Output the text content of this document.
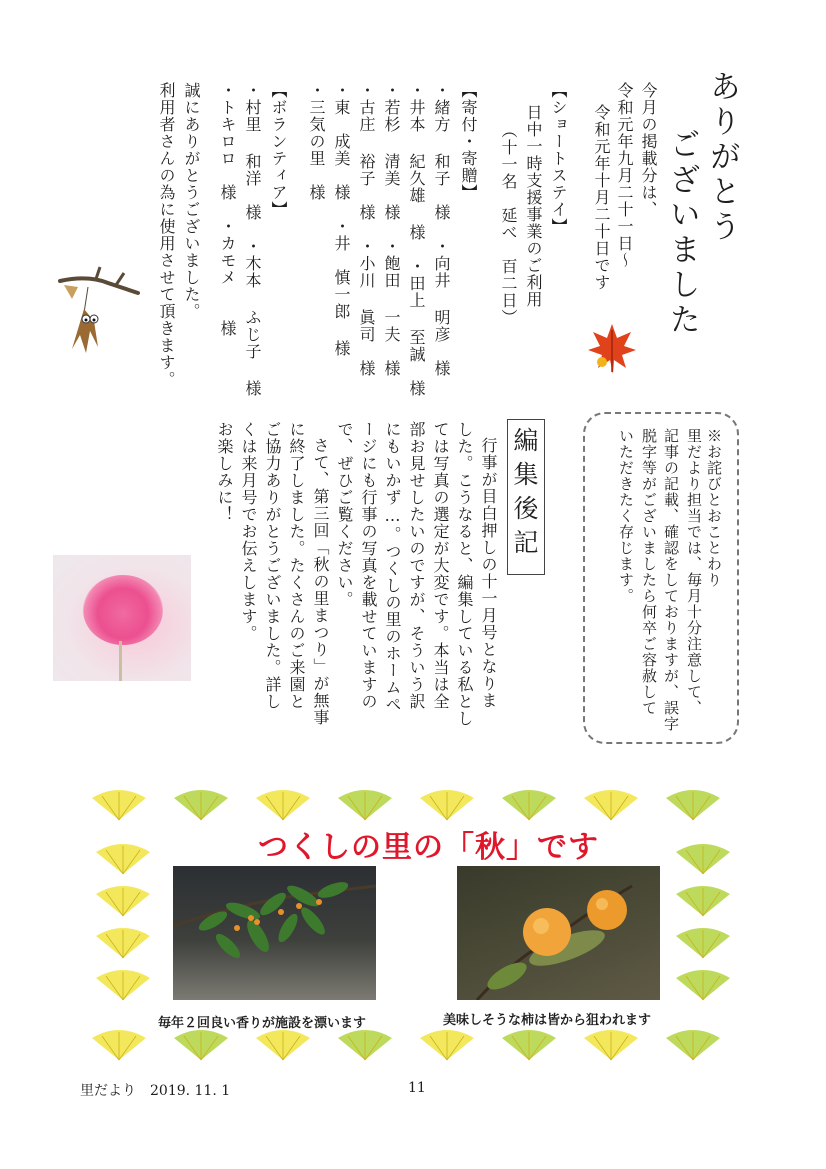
ありがとう
ございました
今月の掲載分は、
令和元年九月二十一日～
令和元年十月二十日です
【ショートステイ】
日中一時支援事業のご利用
（十一名　延べ　百二日）
【寄付・寄贈】
・緒方 和子　様　・向井 明彦　様
・井本 紀久雄 様　・田上 至誠　様
・若杉 清美　様　・飽田 一夫　様
・古庄 裕子　様　・小川 眞司　様
・東　成美　様　・井　慎一郎 様
・三気の里　様
【ボランティア】
・村里 和洋　様　・木本 ふじ子 様
・トキロロ　様　・カモメ　　様
誠にありがとうございました。
利用者さんの為に使用させて頂きます。
※お詫びとおことわり
里だより担当では、毎月十分注意して、
記事の記載、確認をしておりますが、誤字
脱字等がございましたら何卒ご容赦して
いただきたく存じます。
編集後記
行事が目白押しの十一月号となりま
した。こうなると、編集している私とし
ては写真の選定が大変です。本当は全
部お見せしたいのですが、そういう訳
にもいかず…。つくしの里のホームペ
ージにも行事の写真を載せていますの
で、ぜひご覧ください。
さて、第三回「秋の里まつり」が無事
に終了しました。たくさんのご来園と
ご協力ありがとうございました。詳し
くは来月号でお伝えします。
お楽しみに！
つくしの里の「秋」です
毎年２回良い香りが施設を漂います	美味しそうな柿は皆から狙われます
里だより　2019. 11. 1	11
